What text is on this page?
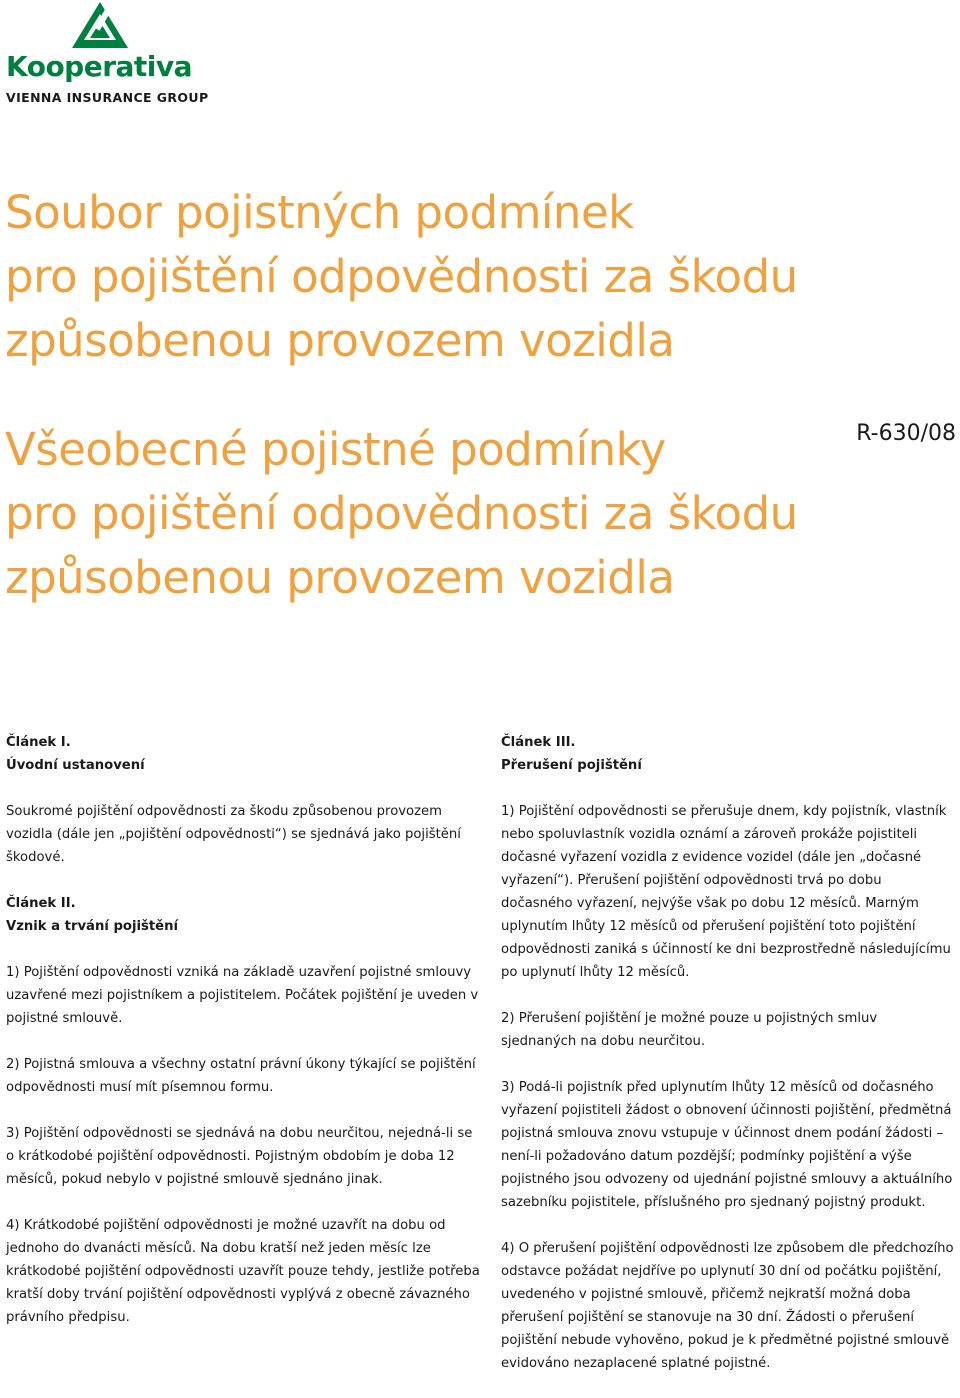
Kooperativa
VIENNA INSURANCE GROUP
Soubor pojistných podmínek
pro pojištění odpovědnosti za škodu
způsobenou provozem vozidla
Všeobecné pojistné podmínky
pro pojištění odpovědnosti za škodu
způsobenou provozem vozidla
R-630/08

Článek I.

Úvodní ustanovení

Soukromé pojištění odpovědnosti za škodu způsobenou provozem vozidla (dále jen „pojištění odpovědnosti“) se sjednává jako pojištění škodové.

Článek II.

Vznik a trvání pojištění

1) Pojištění odpovědnosti vzniká na základě uzavření pojistné smlouvy uzavřené mezi pojistníkem a pojistitelem. Počátek pojištění je uveden v pojistné smlouvě.

2) Pojistná smlouva a všechny ostatní právní úkony týkající se pojištění odpovědnosti musí mít písemnou formu.

3) Pojištění odpovědnosti se sjednává na dobu neurčitou, nejedná-li se o krátkodobé pojištění odpovědnosti. Pojistným obdobím je doba 12 měsíců, pokud nebylo v pojistné smlouvě sjednáno jinak.

4) Krátkodobé pojištění odpovědnosti je možné uzavřít na dobu od jednoho do dvanácti měsíců. Na dobu kratší než jeden měsíc lze krátkodobé pojištění odpovědnosti uzavřít pouze tehdy, jestliže potřeba kratší doby trvání pojištění odpovědnosti vyplývá z obecně závazného právního předpisu.

Článek III.

Přerušení pojištění

1) Pojištění odpovědnosti se přerušuje dnem, kdy pojistník, vlastník nebo spoluvlastník vozidla oznámí a zároveň prokáže pojistiteli dočasné vyřazení vozidla z evidence vozidel (dále jen „dočasné vyřazení“). Přerušení pojištění odpovědnosti trvá po dobu dočasného vyřazení, nejvýše však po dobu 12 měsíců. Marným uplynutím lhůty 12 měsíců od přerušení pojištění toto pojištění odpovědnosti zaniká s účinností ke dni bezprostředně následujícímu po uplynutí lhůty 12 měsíců.

2) Přerušení pojištění je možné pouze u pojistných smluv sjednaných na dobu neurčitou.

3) Podá-li pojistník před uplynutím lhůty 12 měsíců od dočasného vyřazení pojistiteli žádost o obnovení účinnosti pojištění, předmětná pojistná smlouva znovu vstupuje v účinnost dnem podání žádosti – není-li požadováno datum pozdější; podmínky pojištění a výše pojistného jsou odvozeny od ujednání pojistné smlouvy a aktuálního sazebníku pojistitele, příslušného pro sjednaný pojistný produkt.

4) O přerušení pojištění odpovědnosti lze způsobem dle předchozího odstavce požádat nejdříve po uplynutí 30 dní od počátku pojištění, uvedeného v pojistné smlouvě, přičemž nejkratší možná doba přerušení pojištění se stanovuje na 30 dní. Žádosti o přerušení pojištění nebude vyhověno, pokud je k předmětné pojistné smlouvě evidováno nezaplacené splatné pojistné.
